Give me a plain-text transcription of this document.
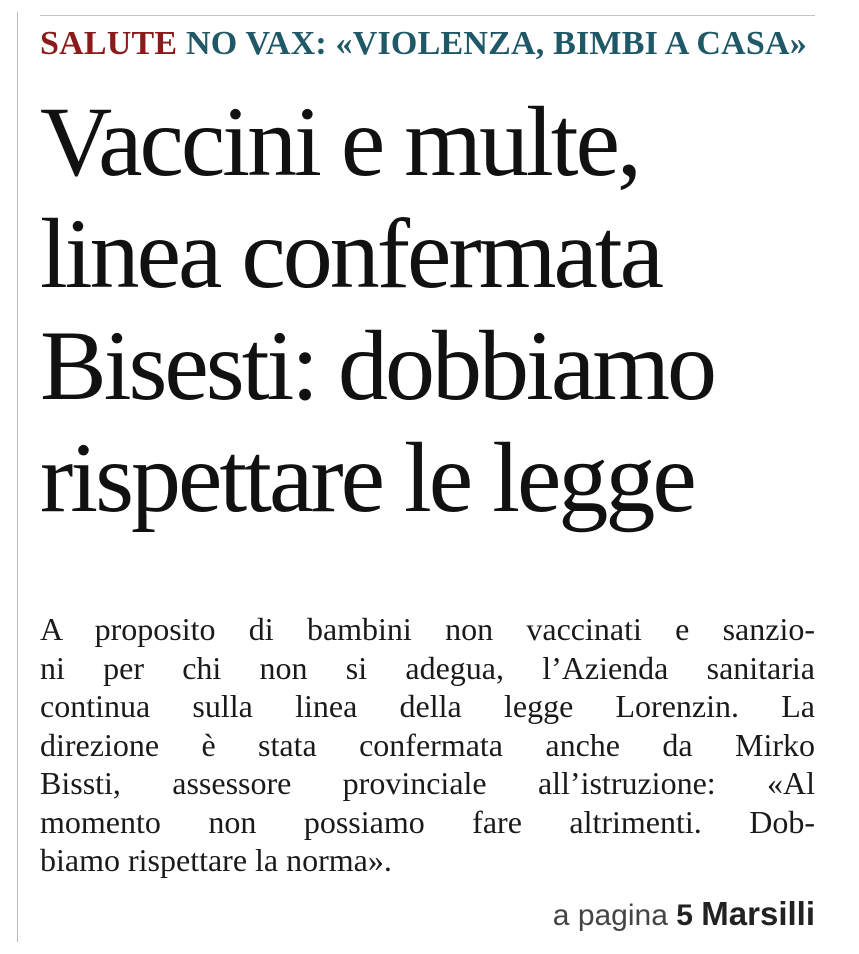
SALUTE NO VAX: «VIOLENZA, BIMBI A CASA»
Vaccini e multe,
linea confermata
Bisesti: dobbiamo
rispettare le legge

A proposito di bambini non vaccinati e sanzio-
ni per chi non si adegua, l’Azienda sanitaria
continua sulla linea della legge Lorenzin. La
direzione è stata confermata anche da Mirko
Bissti, assessore provinciale all’istruzione: «Al
momento non possiamo fare altrimenti. Dob-
biamo rispettare la norma».

a pagina 5 Marsilli
